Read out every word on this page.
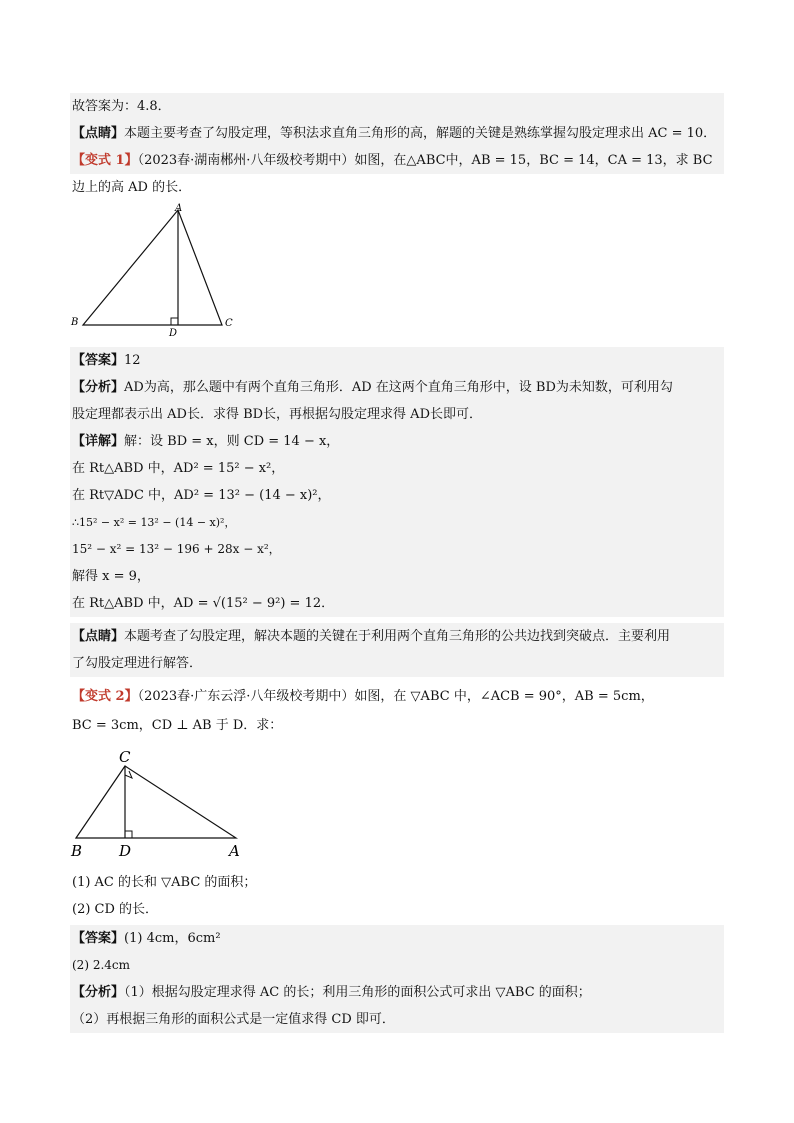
故答案为：4.8．
【点睛】本题主要考查了勾股定理，等积法求直角三角形的高，解题的关键是熟练掌握勾股定理求出 AC = 10．
【变式 1】（2023春·湖南郴州·八年级校考期中）如图，在△ABC中，AB = 15，BC = 14，CA = 13，求 BC
边上的高 AD 的长．
A
B	C
D
【答案】12
【分析】AD为高，那么题中有两个直角三角形．AD 在这两个直角三角形中，设 BD为未知数，可利用勾
股定理都表示出 AD长．求得 BD长，再根据勾股定理求得 AD长即可．
【详解】解：设 BD = x，则 CD = 14 − x，
在 Rt△ABD 中，AD² = 15² − x²，
在 Rt▽ADC 中，AD² = 13² − (14 − x)²，
∴15² − x² = 13² − (14 − x)²，
15² − x² = 13² − 196 + 28x − x²，
解得 x = 9，
在 Rt△ABD 中，AD = √(15² − 9²) = 12．
【点睛】本题考查了勾股定理，解决本题的关键在于利用两个直角三角形的公共边找到突破点．主要利用
了勾股定理进行解答．
【变式 2】（2023春·广东云浮·八年级校考期中）如图，在 ▽ABC 中，∠ACB = 90°，AB = 5cm，
BC = 3cm，CD ⊥ AB 于 D．求：
C
B D	A
(1) AC 的长和 ▽ABC 的面积；
(2) CD 的长．
【答案】(1) 4cm，6cm²
(2) 2.4cm
【分析】（1）根据勾股定理求得 AC 的长；利用三角形的面积公式可求出 ▽ABC 的面积；
（2）再根据三角形的面积公式是一定值求得 CD 即可．
